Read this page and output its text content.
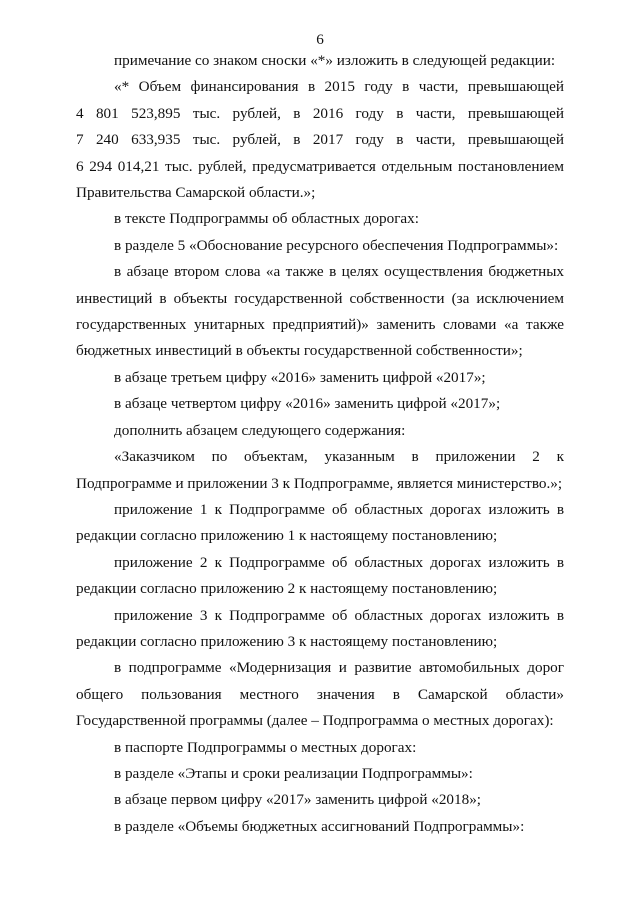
6

примечание со знаком сноски «*» изложить в следующей редакции:

«* Объем финансирования в 2015 году в части, превышающей
4 801 523,895 тыс. рублей, в 2016 году в части, превышающей
7 240 633,935 тыс. рублей, в 2017 году в части, превышающей
6 294 014,21 тыс. рублей, предусматривается отдельным постановлением
Правительства Самарской области.»;

в тексте Подпрограммы об областных дорогах:

в разделе 5 «Обоснование ресурсного обеспечения Подпрограммы»:

в абзаце втором слова «а также в целях осуществления бюджетных
инвестиций в объекты государственной собственности (за исключением
государственных унитарных предприятий)» заменить словами «а также
бюджетных инвестиций в объекты государственной собственности»;

в абзаце третьем цифру «2016» заменить цифрой «2017»;

в абзаце четвертом цифру «2016» заменить цифрой «2017»;

дополнить абзацем следующего содержания:

«Заказчиком по объектам, указанным в приложении 2 к
Подпрограмме и приложении 3 к Подпрограмме, является министерство.»;

приложение 1 к Подпрограмме об областных дорогах изложить в
редакции согласно приложению 1 к настоящему постановлению;

приложение 2 к Подпрограмме об областных дорогах изложить в
редакции согласно приложению 2 к настоящему постановлению;

приложение 3 к Подпрограмме об областных дорогах изложить в
редакции согласно приложению 3 к настоящему постановлению;

в подпрограмме «Модернизация и развитие автомобильных дорог
общего пользования местного значения в Самарской области»
Государственной программы (далее – Подпрограмма о местных дорогах):

в паспорте Подпрограммы о местных дорогах:

в разделе «Этапы и сроки реализации Подпрограммы»:

в абзаце первом цифру «2017» заменить цифрой «2018»;

в разделе «Объемы бюджетных ассигнований Подпрограммы»:
